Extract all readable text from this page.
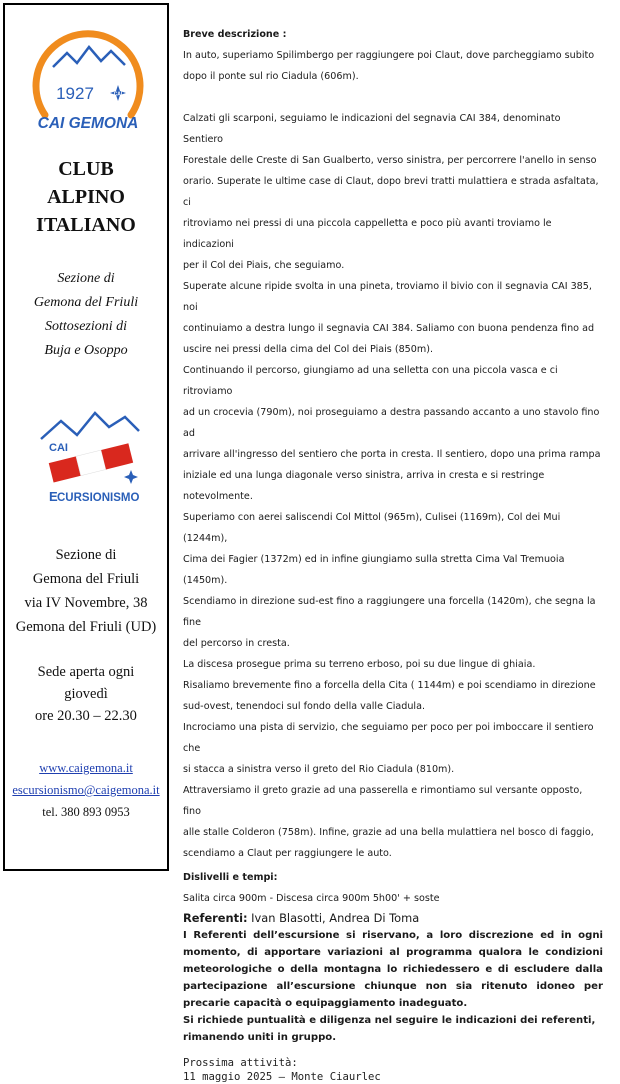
1927	CAI
CAI GEMONA
CLUB
ALPINO
ITALIANO
Sezione di
Gemona del Friuli
Sottosezioni di
Buja e Osoppo
CAI
E CURSIONISMO
Sezione di
Gemona del Friuli
via IV Novembre, 38
Gemona del Friuli (UD)
Sede aperta ogni
giovedì
ore 20.30 – 22.30
www.caigemona.it
escursionismo@caigemona.it
tel. 380 893 0953

Breve descrizione :

In auto, superiamo Spilimbergo per raggiungere poi Claut, dove parcheggiamo subito

dopo il ponte sul rio Ciadula (606m).

Calzati gli scarponi, seguiamo le indicazioni del segnavia CAI 384, denominato Sentiero

Forestale delle Creste di San Gualberto, verso sinistra, per percorrere l'anello in senso

orario. Superate le ultime case di Claut, dopo brevi tratti mulattiera e strada asfaltata, ci

ritroviamo nei pressi di una piccola cappelletta e poco più avanti troviamo le indicazioni

per il Col dei Piais, che seguiamo.

Superate alcune ripide svolta in una pineta, troviamo il bivio con il segnavia CAI 385, noi

continuiamo a destra lungo il segnavia CAI 384. Saliamo con buona pendenza fino ad

uscire nei pressi della cima del Col dei Piais (850m).

Continuando il percorso, giungiamo ad una selletta con una piccola vasca e ci ritroviamo

ad un crocevia (790m), noi proseguiamo a destra passando accanto a uno stavolo fino ad

arrivare all'ingresso del sentiero che porta in cresta. Il sentiero, dopo una prima rampa

iniziale ed una lunga diagonale verso sinistra, arriva in cresta e si restringe notevolmente.

Superiamo con aerei saliscendi Col Mittol (965m), Culisei (1169m), Col dei Mui (1244m),

Cima dei Fagier (1372m) ed in infine giungiamo sulla stretta Cima Val Tremuoia (1450m).

Scendiamo in direzione sud-est fino a raggiungere una forcella (1420m), che segna la fine

del percorso in cresta.

La discesa prosegue prima su terreno erboso, poi su due lingue di ghiaia.

Risaliamo brevemente fino a forcella della Cita ( 1144m) e poi scendiamo in direzione

sud-ovest, tenendoci sul fondo della valle Ciadula.

Incrociamo una pista di servizio, che seguiamo per poco per poi imboccare il sentiero che

si stacca a sinistra verso il greto del Rio Ciadula (810m).

Attraversiamo il greto grazie ad una passerella e rimontiamo sul versante opposto, fino

alle stalle Colderon (758m). Infine, grazie ad una bella mulattiera nel bosco di faggio,

scendiamo a Claut per raggiungere le auto.

Dislivelli e tempi:

Salita circa 900m - Discesa circa 900m 5h00' + soste

Referenti: Ivan Blasotti, Andrea Di Toma

I Referenti dell’escursione si riservano, a loro discrezione ed in ogni momento, di apportare variazioni al programma qualora le condizioni meteorologiche o della montagna lo richiedessero e di escludere dalla partecipazione all’escursione chiunque non sia ritenuto idoneo per precarie capacità o equipaggiamento inadeguato.

Si richiede puntualità e diligenza nel seguire le indicazioni dei referenti, rimanendo uniti in gruppo.

Prossima attività:
11 maggio 2025 – Monte Ciaurlec
